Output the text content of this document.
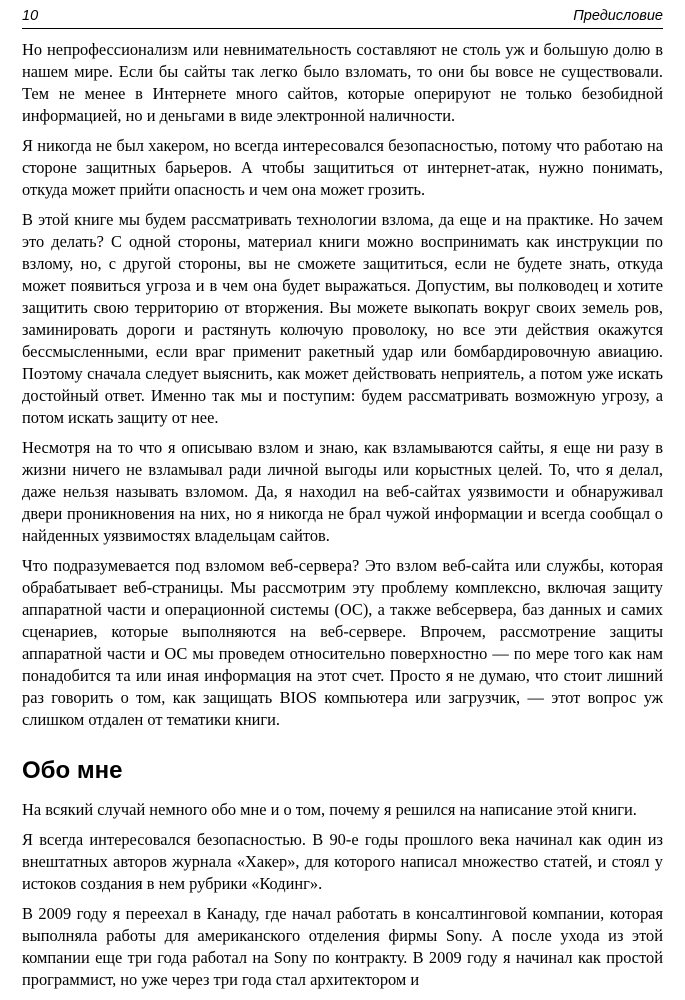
10	Предисловие

Но непрофессионализм или невнимательность составляют не столь уж и большую долю в нашем мире. Если бы сайты так легко было взломать, то они бы вовсе не существовали. Тем не менее в Интернете много сайтов, которые оперируют не только безобидной информацией, но и деньгами в виде электронной наличности.

Я никогда не был хакером, но всегда интересовался безопасностью, потому что работаю на стороне защитных барьеров. А чтобы защититься от интернет-атак, нужно понимать, откуда может прийти опасность и чем она может грозить.

В этой книге мы будем рассматривать технологии взлома, да еще и на практике. Но зачем это делать? С одной стороны, материал книги можно воспринимать как инструкции по взлому, но, с другой стороны, вы не сможете защититься, если не будете знать, откуда может появиться угроза и в чем она будет выражаться. Допустим, вы полководец и хотите защитить свою территорию от вторжения. Вы можете выкопать вокруг своих земель ров, заминировать дороги и растянуть колючую проволоку, но все эти действия окажутся бессмысленными, если враг применит ракетный удар или бомбардировочную авиацию. Поэтому сначала следует выяснить, как может действовать неприятель, а потом уже искать достойный ответ. Именно так мы и поступим: будем рассматривать возможную угрозу, а потом искать защиту от нее.

Несмотря на то что я описываю взлом и знаю, как взламываются сайты, я еще ни разу в жизни ничего не взламывал ради личной выгоды или корыстных целей. То, что я делал, даже нельзя называть взломом. Да, я находил на веб-сайтах уязвимости и обнаруживал двери проникновения на них, но я никогда не брал чужой информации и всегда сообщал о найденных уязвимостях владельцам сайтов.

Что подразумевается под взломом веб-сервера? Это взлом веб-сайта или службы, которая обрабатывает веб-страницы. Мы рассмотрим эту проблему комплексно, включая защиту аппаратной части и операционной системы (ОС), а также вебсервера, баз данных и самих сценариев, которые выполняются на веб-сервере. Впрочем, рассмотрение защиты аппаратной части и ОС мы проведем относительно поверхностно — по мере того как нам понадобится та или иная информация на этот счет. Просто я не думаю, что стоит лишний раз говорить о том, как защищать BIOS компьютера или загрузчик, — этот вопрос уж слишком отдален от тематики книги.

Обо мне

На всякий случай немного обо мне и о том, почему я решился на написание этой книги.

Я всегда интересовался безопасностью. В 90-е годы прошлого века начинал как один из внештатных авторов журнала «Хакер», для которого написал множество статей, и стоял у истоков создания в нем рубрики «Кодинг».

В 2009 году я переехал в Канаду, где начал работать в консалтинговой компании, которая выполняла работы для американского отделения фирмы Sony. А после ухода из этой компании еще три года работал на Sony по контракту. В 2009 году я начинал как простой программист, но уже через три года стал архитектором и
